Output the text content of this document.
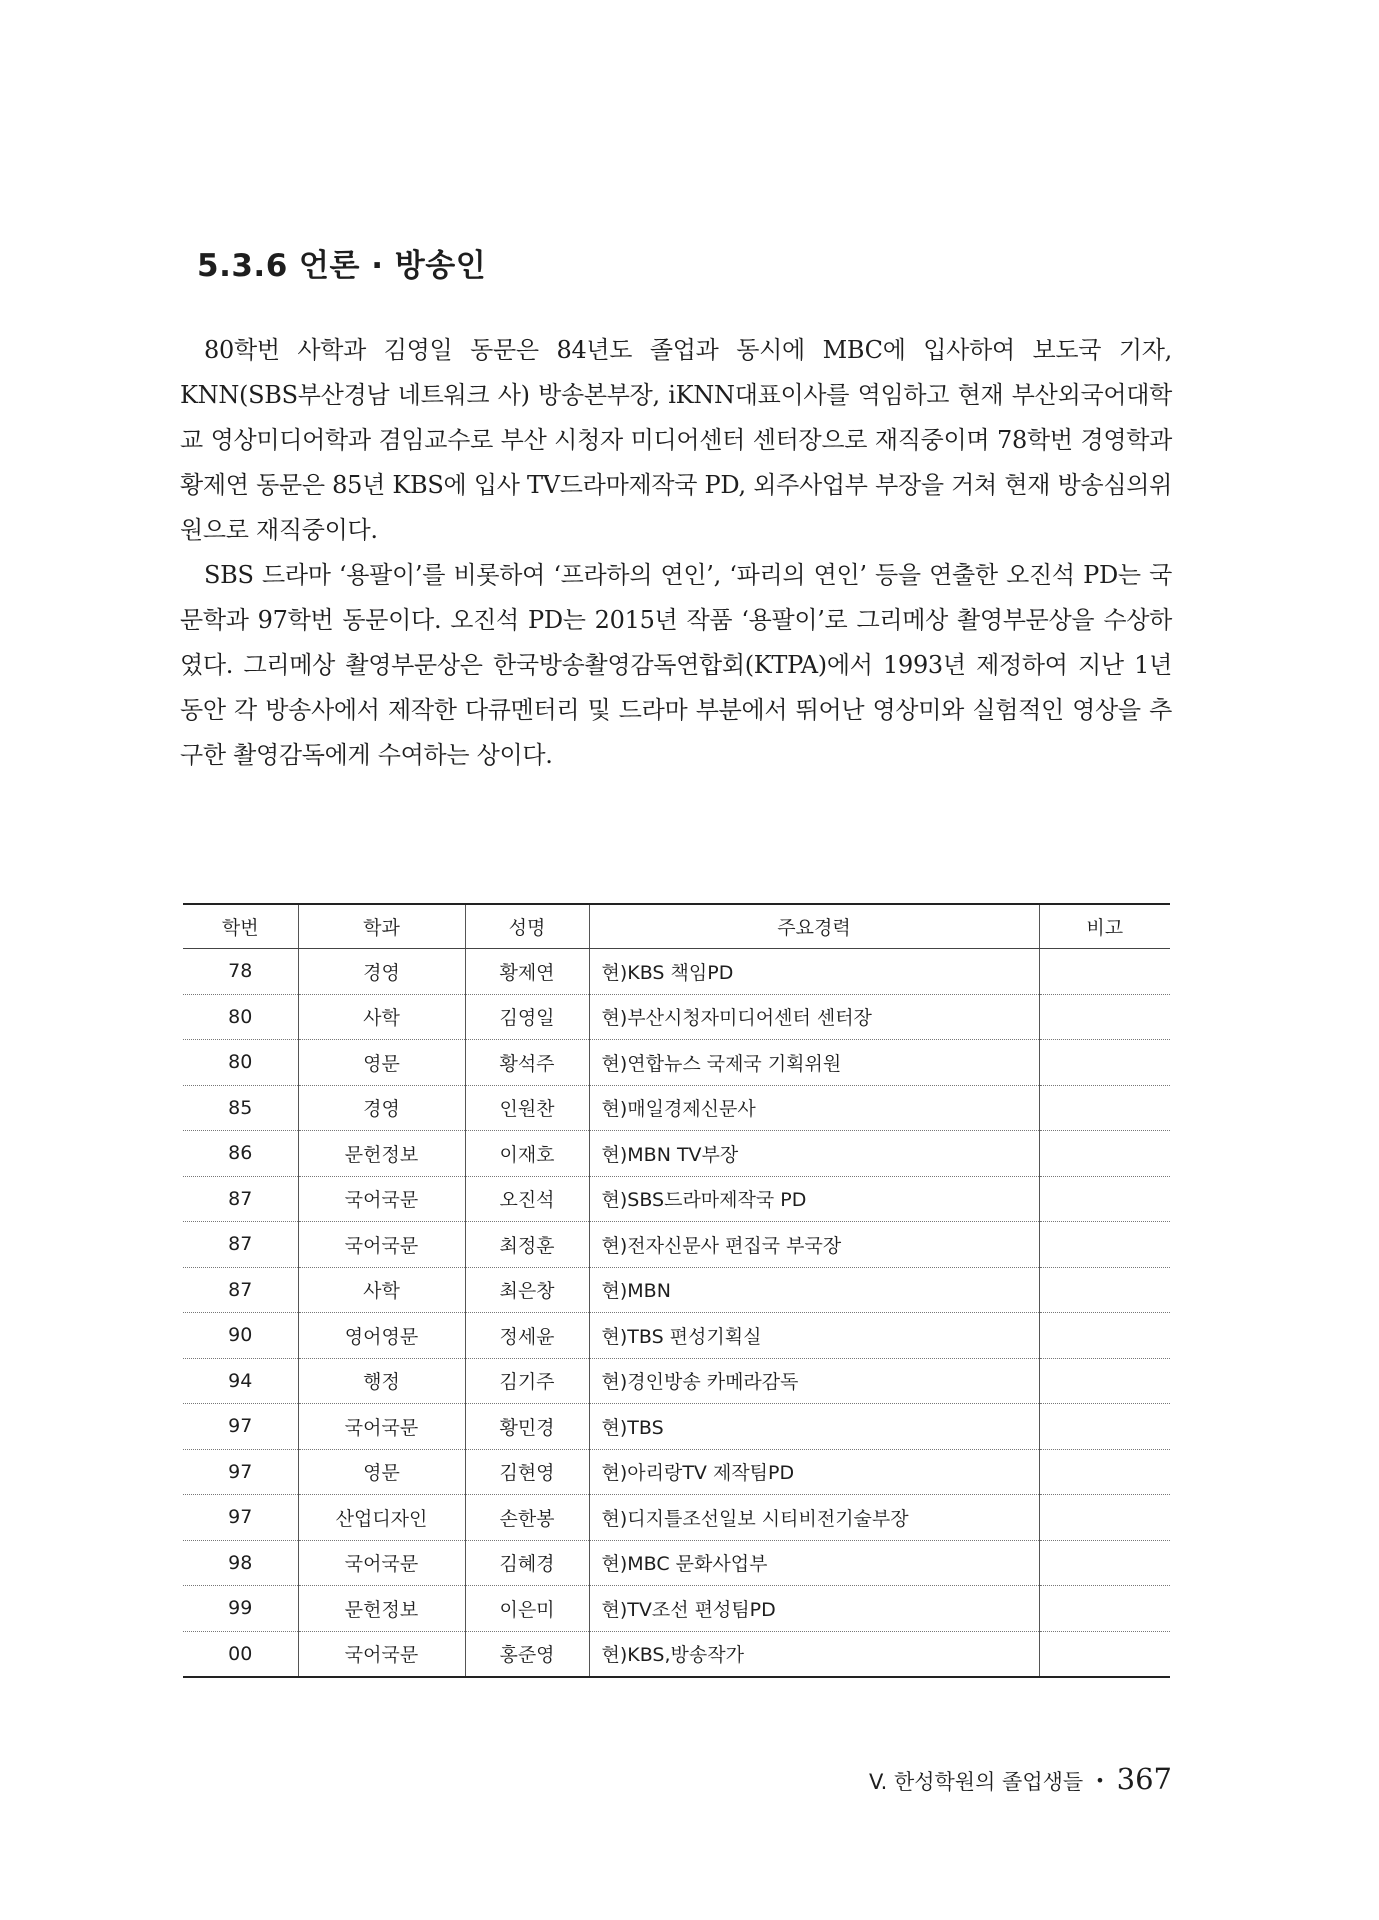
5.3.6 언론 · 방송인

80학번 사학과 김영일 동문은 84년도 졸업과 동시에 MBC에 입사하여 보도국 기자, KNN(SBS부산경남 네트워크 사) 방송본부장, iKNN대표이사를 역임하고 현재 부산외국어대학교 영상미디어학과 겸임교수로 부산 시청자 미디어센터 센터장으로 재직중이며 78학번 경영학과 황제연 동문은 85년 KBS에 입사 TV드라마제작국 PD, 외주사업부 부장을 거쳐 현재 방송심의위원으로 재직중이다.

SBS 드라마 ‘용팔이’를 비롯하여 ‘프라하의 연인’, ‘파리의 연인’ 등을 연출한 오진석 PD는 국문학과 97학번 동문이다. 오진석 PD는 2015년 작품 ‘용팔이’로 그리메상 촬영부문상을 수상하였다. 그리메상 촬영부문상은 한국방송촬영감독연합회(KTPA)에서 1993년 제정하여 지난 1년 동안 각 방송사에서 제작한 다큐멘터리 및 드라마 부분에서 뛰어난 영상미와 실험적인 영상을 추구한 촬영감독에게 수여하는 상이다.

학번	학과	성명	주요경력	비고
78	경영	황제연	현)KBS 책임PD	
80	사학	김영일	현)부산시청자미디어센터 센터장	
80	영문	황석주	현)연합뉴스 국제국 기획위원	
85	경영	인원찬	현)매일경제신문사	
86	문헌정보	이재호	현)MBN TV부장	
87	국어국문	오진석	현)SBS드라마제작국 PD	
87	국어국문	최정훈	현)전자신문사 편집국 부국장	
87	사학	최은창	현)MBN	
90	영어영문	정세윤	현)TBS 편성기획실	
94	행정	김기주	현)경인방송 카메라감독	
97	국어국문	황민경	현)TBS	
97	영문	김현영	현)아리랑TV 제작팀PD	
97	산업디자인	손한봉	현)디지틀조선일보 시티비전기술부장	
98	국어국문	김혜경	현)MBC 문화사업부	
99	문헌정보	이은미	현)TV조선 편성팀PD	
00	국어국문	홍준영	현)KBS,방송작가	
V. 한성학원의 졸업생들 • 367
